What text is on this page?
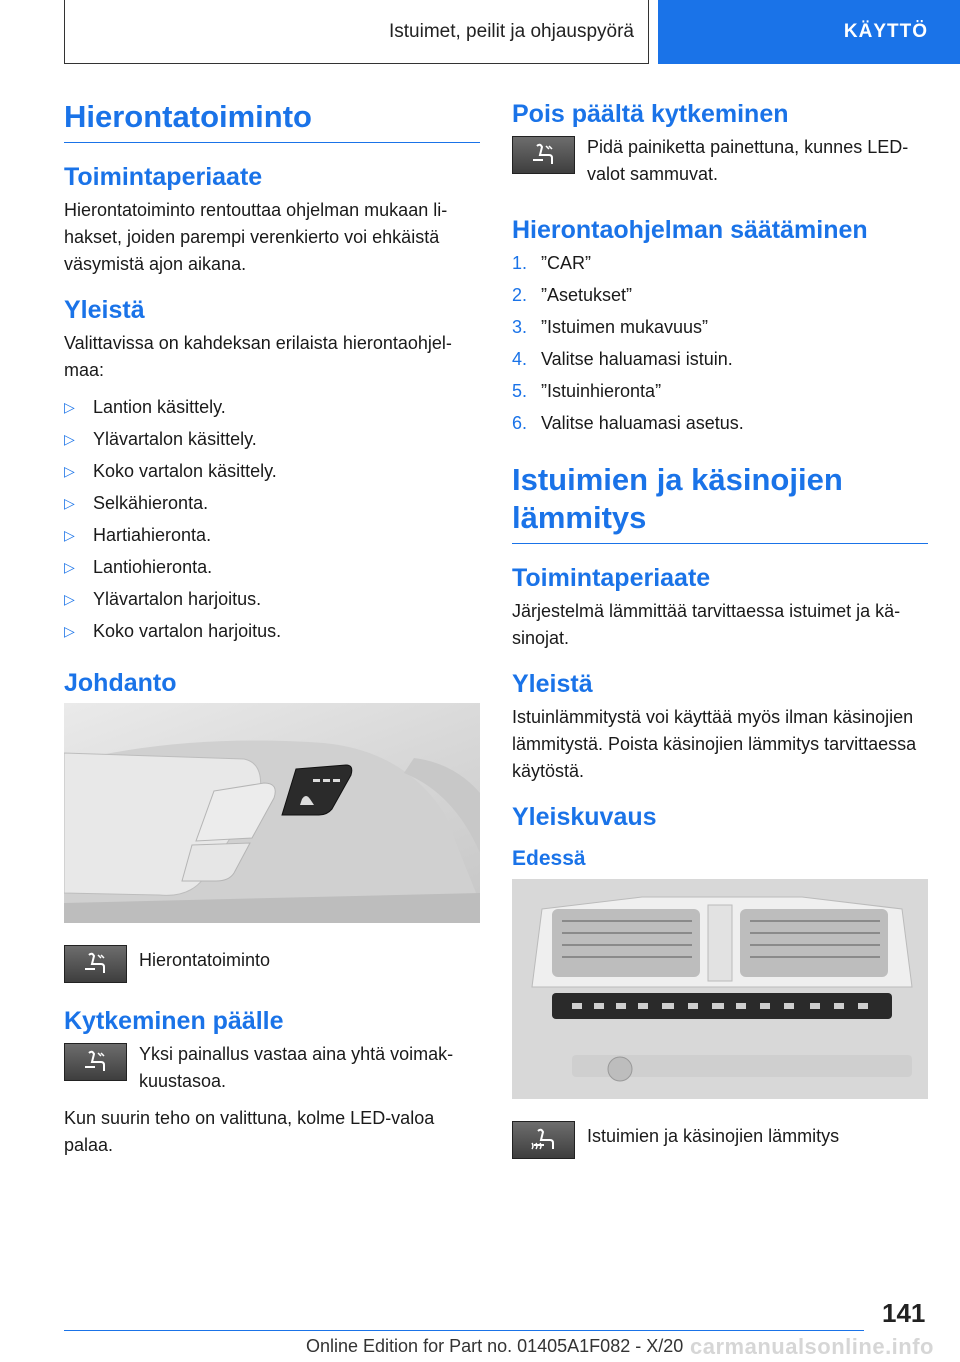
Istuimet, peilit ja ohjauspyörä	KÄYTTÖ
Hierontatoiminto
Toimintaperiaate

Hierontatoiminto rentouttaa ohjelman mukaan lihakset, joiden parempi verenkierto voi ehkäistä väsymistä ajon aikana.

Yleistä

Valittavissa on kahdeksan erilaista hierontaohjelmaa:

▷	Lantion käsittely.
▷	Ylävartalon käsittely.
▷	Koko vartalon käsittely.
▷	Selkähieronta.
▷	Hartiahieronta.
▷	Lantiohieronta.
▷	Ylävartalon harjoitus.
▷	Koko vartalon harjoitus.
Johdanto
Hierontatoiminto
Kytkeminen päälle
Yksi painallus vastaa aina yhtä voimakkuustasoa.

Kun suurin teho on valittuna, kolme LED-valoa palaa.

Pois päältä kytkeminen
Pidä painiketta painettuna, kunnes LED-valot sammuvat.
Hierontaohjelman säätäminen
1. ”CAR”
2. ”Asetukset”
3. ”Istuimen mukavuus”
4. Valitse haluamasi istuin.
5. ”Istuinhieronta”
6. Valitse haluamasi asetus.
Istuimien ja käsinojien lämmitys
Toimintaperiaate

Järjestelmä lämmittää tarvittaessa istuimet ja käsinojat.

Yleistä

Istuinlämmitystä voi käyttää myös ilman käsinojien lämmitystä. Poista käsinojien lämmitys tarvittaessa käytöstä.

Yleiskuvaus
Edessä
Istuimien ja käsinojien lämmitys
141
Online Edition for Part no. 01405A1F082 - X/20 carmanualsonline.info
